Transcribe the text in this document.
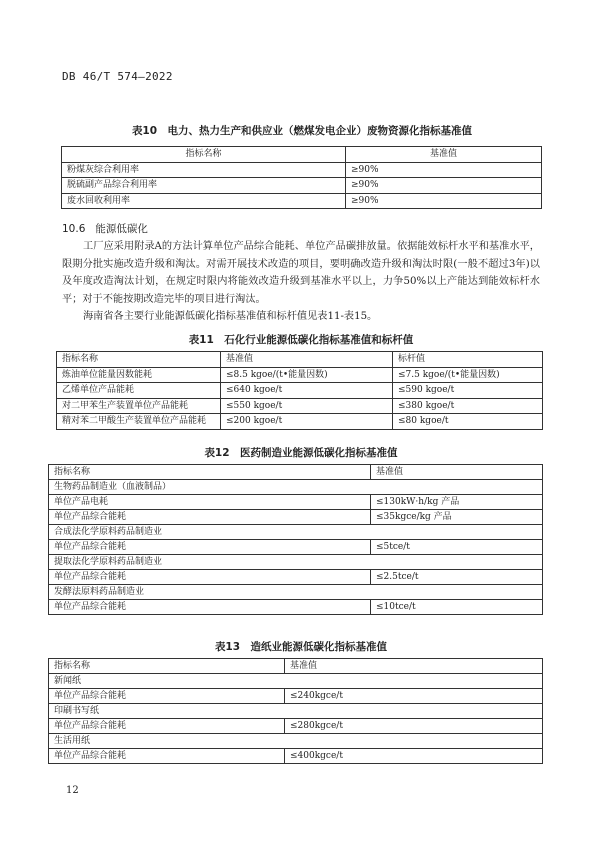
DB 46/T 574—2022
表10　电力、热力生产和供应业（燃煤发电企业）废物资源化指标基准值
指标名称	基准值
粉煤灰综合利用率	≥90%
脱硫副产品综合利用率	≥90%
废水回收利用率	≥90%
10.6 能源低碳化
工厂应采用附录A的方法计算单位产品综合能耗、单位产品碳排放量。依据能效标杆水平和基准水平，限期分批实施改造升级和淘汰。对需开展技术改造的项目，要明确改造升级和淘汰时限(一般不超过3年)以及年度改造淘汰计划，在规定时限内将能效改造升级到基准水平以上，力争50%以上产能达到能效标杆水平；对于不能按期改造完毕的项目进行淘汰。
海南省各主要行业能源低碳化指标基准值和标杆值见表11-表15。
表11　石化行业能源低碳化指标基准值和标杆值
指标名称	基准值	标杆值
炼油单位能量因数能耗	≤8.5 kgoe/(t•能量因数)	≤7.5 kgoe/(t•能量因数)
乙烯单位产品能耗	≤640 kgoe/t	≤590 kgoe/t
对二甲苯生产装置单位产品能耗	≤550 kgoe/t	≤380 kgoe/t
精对苯二甲酸生产装置单位产品能耗	≤200 kgoe/t	≤80 kgoe/t
表12　医药制造业能源低碳化指标基准值
指标名称	基准值
生物药品制造业（血液制品）	
单位产品电耗	≤130kW·h/kg 产品
单位产品综合能耗	≤35kgce/kg 产品
合成法化学原料药品制造业	
单位产品综合能耗	≤5tce/t
提取法化学原料药品制造业	
单位产品综合能耗	≤2.5tce/t
发酵法原料药品制造业	
单位产品综合能耗	≤10tce/t
表13　造纸业能源低碳化指标基准值
指标名称	基准值
新闻纸	
单位产品综合能耗	≤240kgce/t
印刷书写纸	
单位产品综合能耗	≤280kgce/t
生活用纸	
单位产品综合能耗	≤400kgce/t
12
